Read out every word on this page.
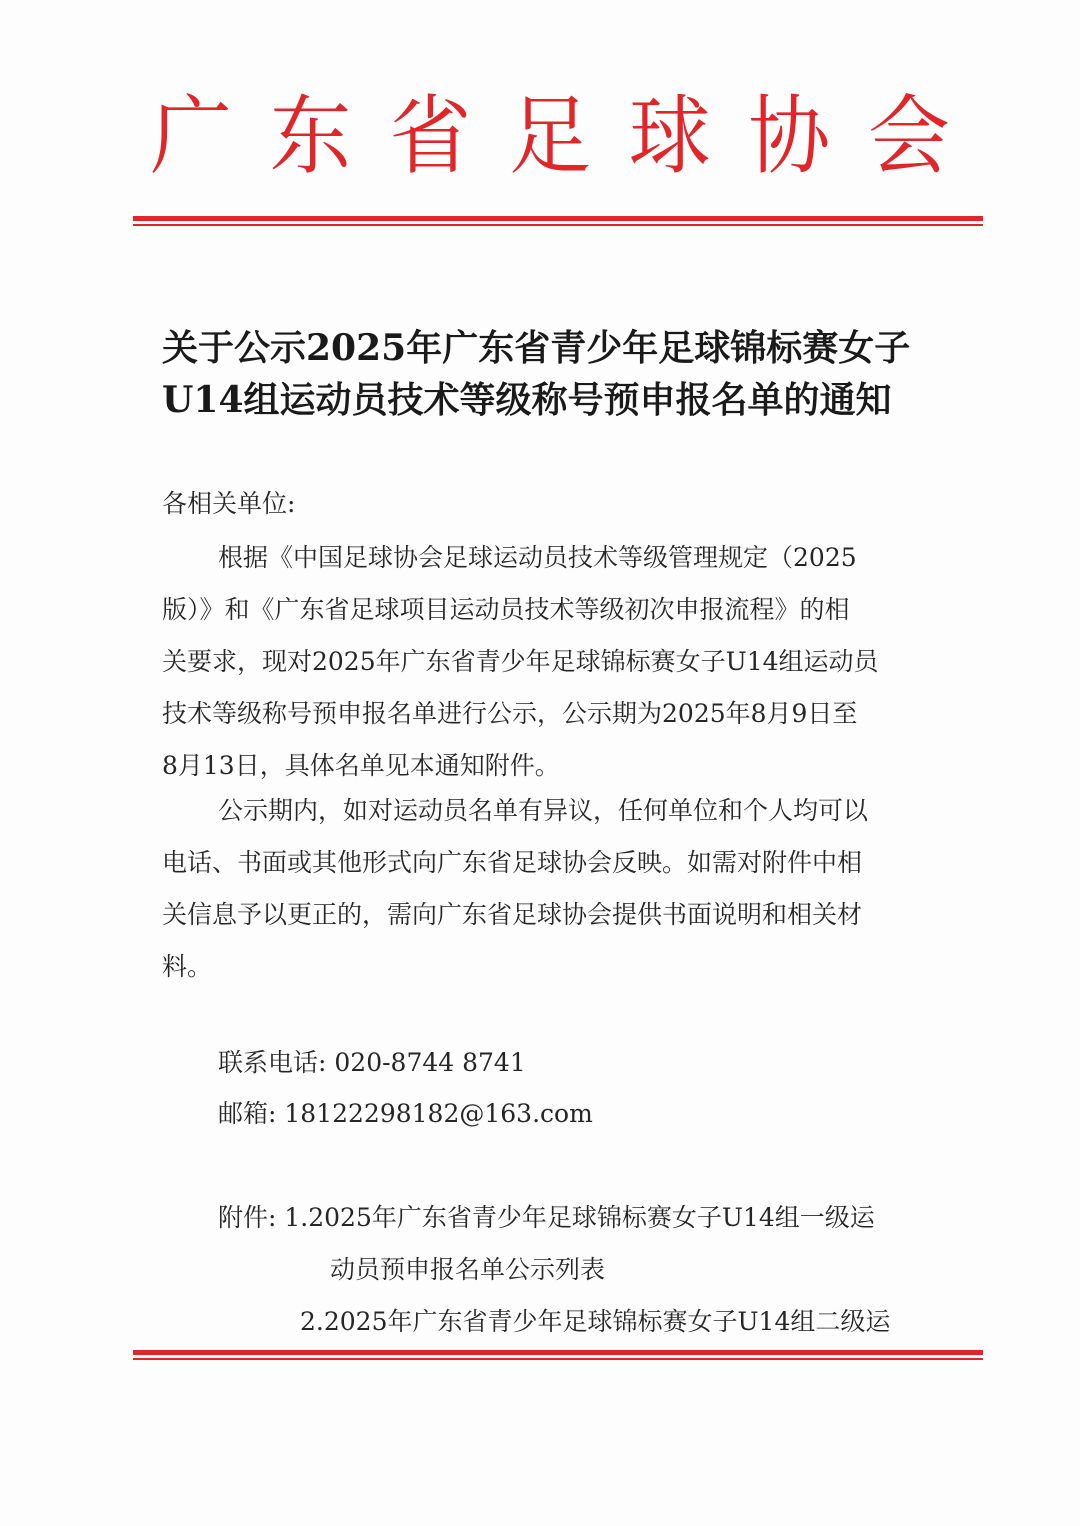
广 东 省 足 球 协 会
关于公示2025年广东省青少年足球锦标赛女子
U14组运动员技术等级称号预申报名单的通知
各相关单位:
根据《中国足球协会足球运动员技术等级管理规定（2025
版）》和《广东省足球项目运动员技术等级初次申报流程》的相
关要求，现对2025年广东省青少年足球锦标赛女子U14组运动员
技术等级称号预申报名单进行公示，公示期为2025年8月9日至
8月13日，具体名单见本通知附件。
公示期内，如对运动员名单有异议，任何单位和个人均可以
电话、书面或其他形式向广东省足球协会反映。如需对附件中相
关信息予以更正的，需向广东省足球协会提供书面说明和相关材
料。
联系电话: 020-8744 8741
邮箱: 18122298182@163.com
附件: 1.2025年广东省青少年足球锦标赛女子U14组一级运
动员预申报名单公示列表
2.2025年广东省青少年足球锦标赛女子U14组二级运
